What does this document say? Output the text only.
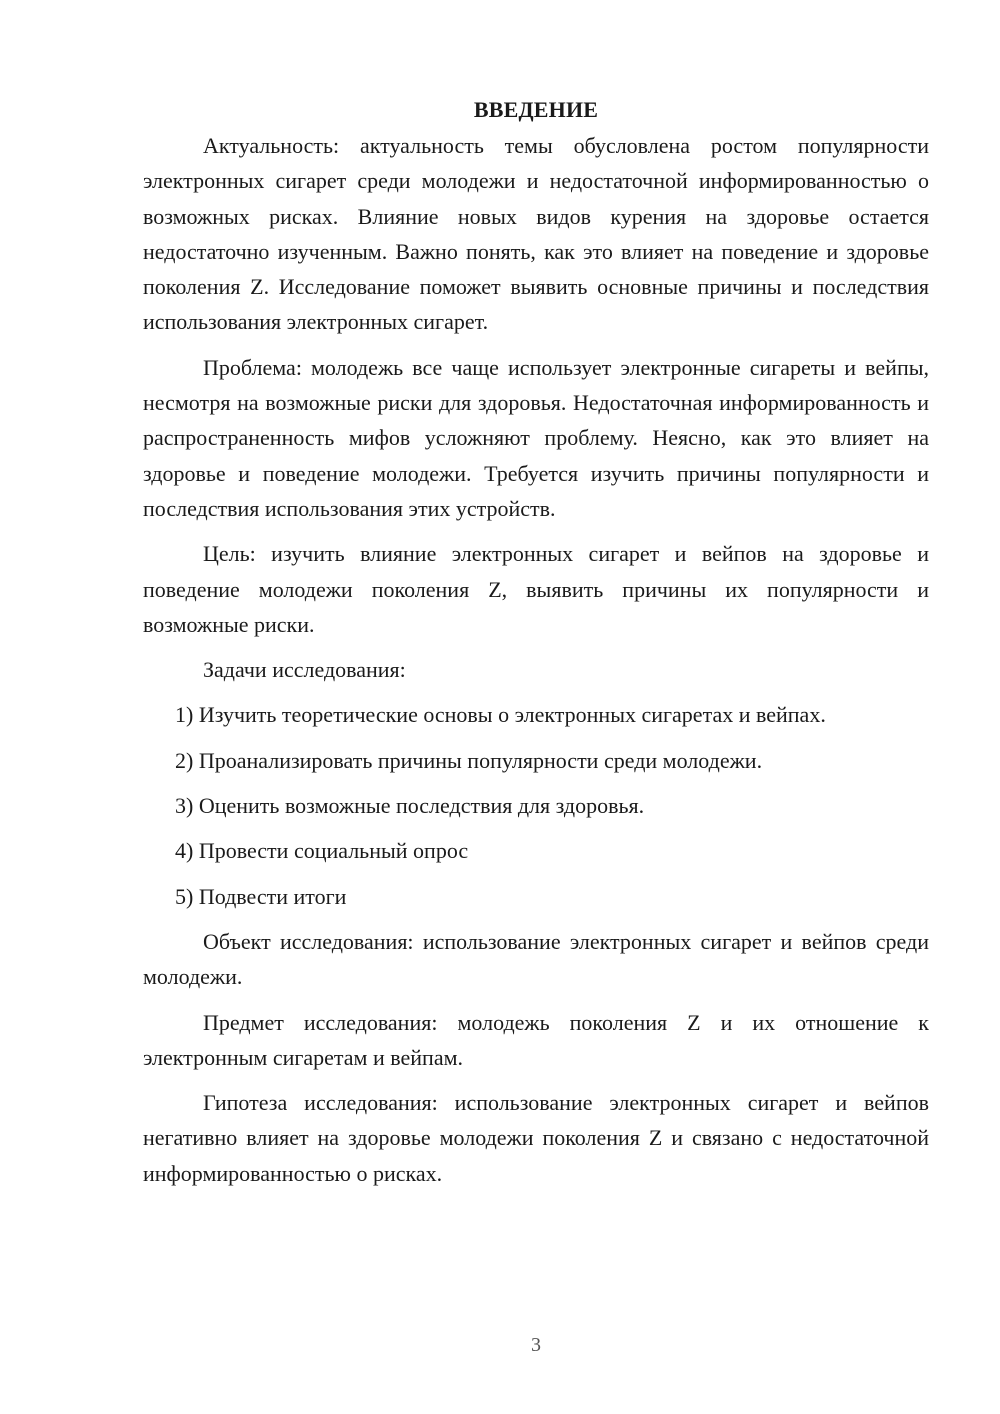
ВВЕДЕНИЕ

Актуальность: актуальность темы обусловлена ростом популярности электронных сигарет среди молодежи и недостаточной информированностью о возможных рисках. Влияние новых видов курения на здоровье остается недостаточно изученным. Важно понять, как это влияет на поведение и здоровье поколения Z. Исследование поможет выявить основные причины и последствия использования электронных сигарет.

Проблема: молодежь все чаще использует электронные сигареты и вейпы, несмотря на возможные риски для здоровья. Недостаточная информированность и распространенность мифов усложняют проблему. Неясно, как это влияет на здоровье и поведение молодежи. Требуется изучить причины популярности и последствия использования этих устройств.

Цель: изучить влияние электронных сигарет и вейпов на здоровье и поведение молодежи поколения Z, выявить причины их популярности и возможные риски.

Задачи исследования:

1) Изучить теоретические основы о электронных сигаретах и вейпах.

2) Проанализировать причины популярности среди молодежи.

3) Оценить возможные последствия для здоровья.

4) Провести социальный опрос

5) Подвести итоги

Объект исследования: использование электронных сигарет и вейпов среди молодежи.

Предмет исследования: молодежь поколения Z и их отношение к электронным сигаретам и вейпам.

Гипотеза исследования: использование электронных сигарет и вейпов негативно влияет на здоровье молодежи поколения Z и связано с недостаточной информированностью о рисках.

3
